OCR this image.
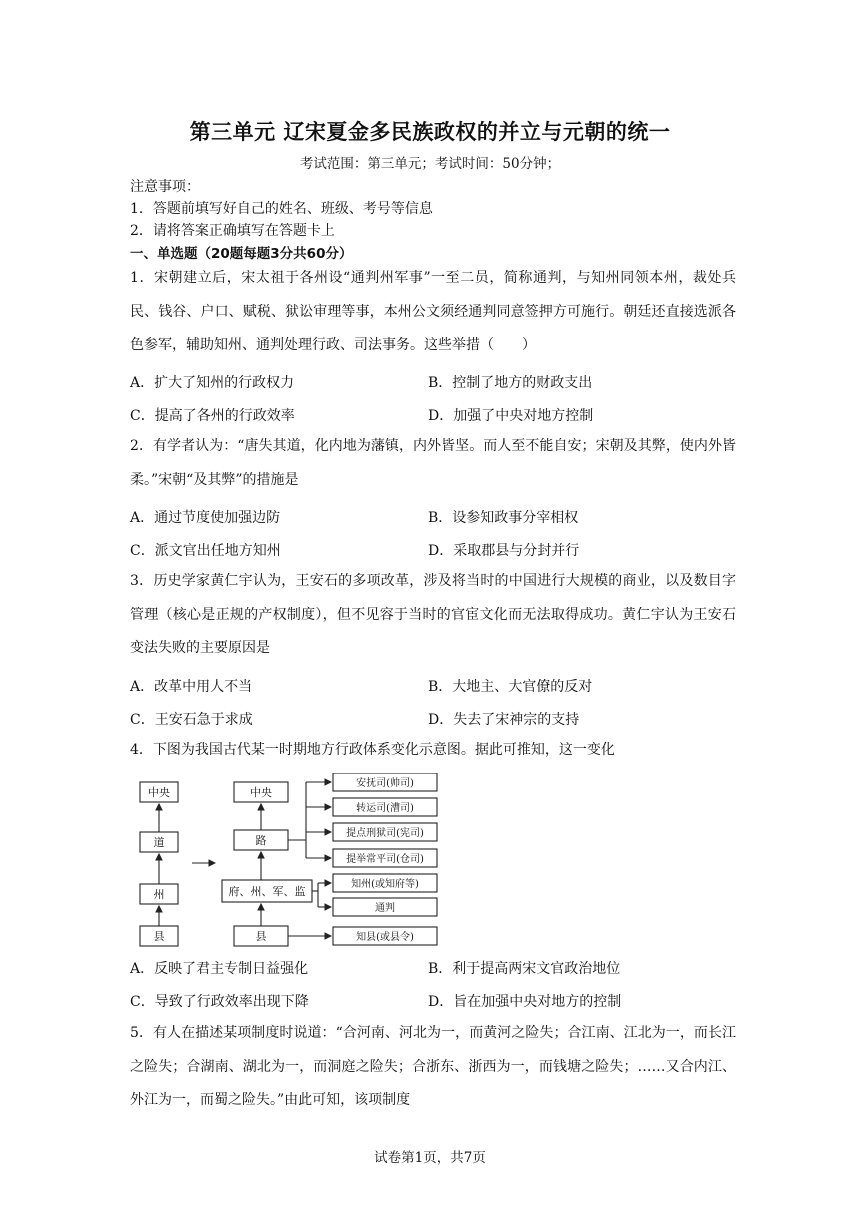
第三单元 辽宋夏金多民族政权的并立与元朝的统一
考试范围：第三单元；考试时间：50分钟；
注意事项：
1．答题前填写好自己的姓名、班级、考号等信息
2．请将答案正确填写在答题卡上
一、单选题（20题每题3分共60分）
1．宋朝建立后，宋太祖于各州设“通判州军事”一至二员，简称通判，与知州同领本州，裁处兵民、钱谷、户口、赋税、狱讼审理等事，本州公文须经通判同意签押方可施行。朝廷还直接选派各色参军，辅助知州、通判处理行政、司法事务。这些举措（　　）
A．扩大了知州的行政权力	B．控制了地方的财政支出
C．提高了各州的行政效率	D．加强了中央对地方控制
2．有学者认为：“唐失其道，化内地为藩镇，内外皆坚。而人至不能自安；宋朝及其弊，使内外皆柔。”宋朝“及其弊”的措施是
A．通过节度使加强边防	B．设参知政事分宰相权
C．派文官出任地方知州	D．采取郡县与分封并行
3．历史学家黄仁宇认为，王安石的多项改革，涉及将当时的中国进行大规模的商业，以及数目字管理（核心是正规的产权制度），但不见容于当时的官宦文化而无法取得成功。黄仁宇认为王安石变法失败的主要原因是
A．改革中用人不当	B．大地主、大官僚的反对
C．王安石急于求成	D．失去了宋神宗的支持
4．下图为我国古代某一时期地方行政体系变化示意图。据此可推知，这一变化
中央
道
州
县
中央
路
府、州、军、监
县
安抚司(帅司)
转运司(漕司)
提点刑狱司(宪司)
提举常平司(仓司)
知州(或知府等)
通判
知县(或县令)
A．反映了君主专制日益强化	B．利于提高两宋文官政治地位
C．导致了行政效率出现下降	D．旨在加强中央对地方的控制
5．有人在描述某项制度时说道：“合河南、河北为一，而黄河之险失；合江南、江北为一，而长江之险失；合湖南、湖北为一，而洞庭之险失；合浙东、浙西为一，而钱塘之险失；……又合内江、外江为一，而蜀之险失。”由此可知，该项制度
试卷第1页，共7页
